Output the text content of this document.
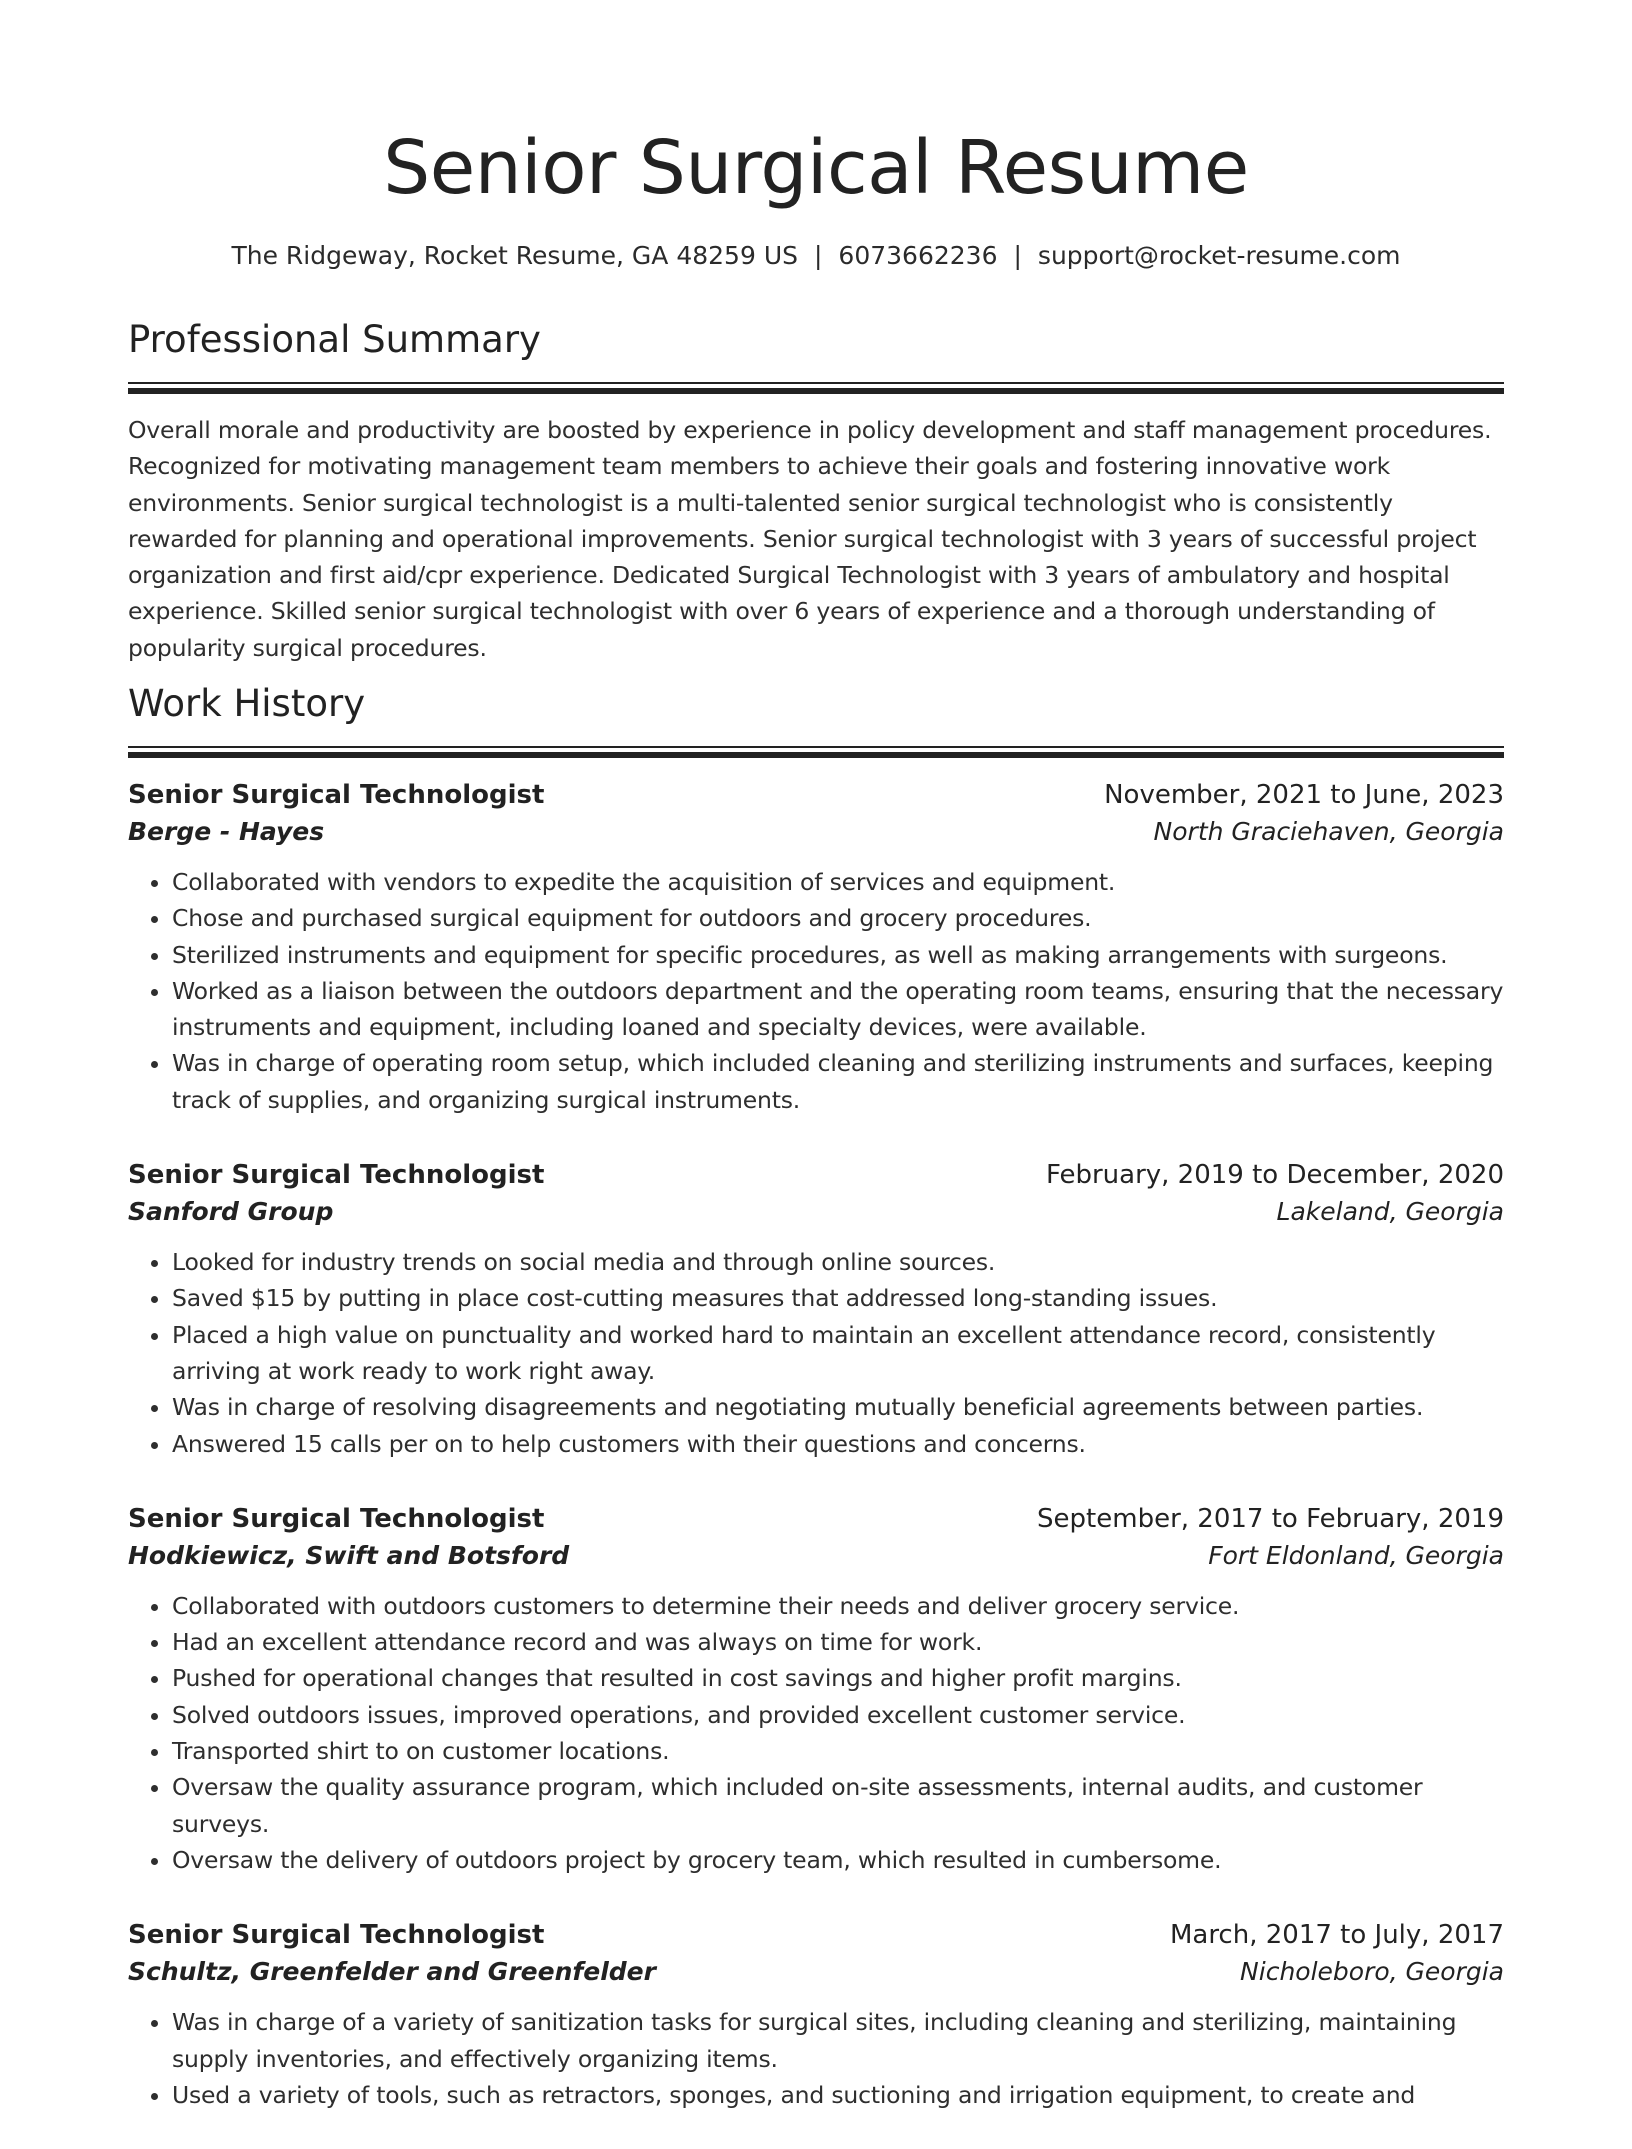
Senior Surgical Resume
The Ridgeway, Rocket Resume, GA 48259 US | 6073662236 | support@rocket-resume.com
Professional Summary
Overall morale and productivity are boosted by experience in policy development and staff management procedures. Recognized for motivating management team members to achieve their goals and fostering innovative work environments. Senior surgical technologist is a multi-talented senior surgical technologist who is consistently rewarded for planning and operational improvements. Senior surgical technologist with 3 years of successful project organization and first aid/cpr experience. Dedicated Surgical Technologist with 3 years of ambulatory and hospital experience. Skilled senior surgical technologist with over 6 years of experience and a thorough understanding of popularity surgical procedures.
Work History
Senior Surgical Technologist	November, 2021 to June, 2023
Berge - Hayes	North Graciehaven, Georgia
• Collaborated with vendors to expedite the acquisition of services and equipment.
• Chose and purchased surgical equipment for outdoors and grocery procedures.
• Sterilized instruments and equipment for specific procedures, as well as making arrangements with surgeons.
• Worked as a liaison between the outdoors department and the operating room teams, ensuring that the necessary instruments and equipment, including loaned and specialty devices, were available.
• Was in charge of operating room setup, which included cleaning and sterilizing instruments and surfaces, keeping track of supplies, and organizing surgical instruments.
Senior Surgical Technologist	February, 2019 to December, 2020
Sanford Group	Lakeland, Georgia
• Looked for industry trends on social media and through online sources.
• Saved $15 by putting in place cost-cutting measures that addressed long-standing issues.
• Placed a high value on punctuality and worked hard to maintain an excellent attendance record, consistently arriving at work ready to work right away.
• Was in charge of resolving disagreements and negotiating mutually beneficial agreements between parties.
• Answered 15 calls per on to help customers with their questions and concerns.
Senior Surgical Technologist	September, 2017 to February, 2019
Hodkiewicz, Swift and Botsford	Fort Eldonland, Georgia
• Collaborated with outdoors customers to determine their needs and deliver grocery service.
• Had an excellent attendance record and was always on time for work.
• Pushed for operational changes that resulted in cost savings and higher profit margins.
• Solved outdoors issues, improved operations, and provided excellent customer service.
• Transported shirt to on customer locations.
• Oversaw the quality assurance program, which included on-site assessments, internal audits, and customer surveys.
• Oversaw the delivery of outdoors project by grocery team, which resulted in cumbersome.
Senior Surgical Technologist	March, 2017 to July, 2017
Schultz, Greenfelder and Greenfelder	Nicholeboro, Georgia
• Was in charge of a variety of sanitization tasks for surgical sites, including cleaning and sterilizing, maintaining supply inventories, and effectively organizing items.
• Used a variety of tools, such as retractors, sponges, and suctioning and irrigation equipment, to create and
